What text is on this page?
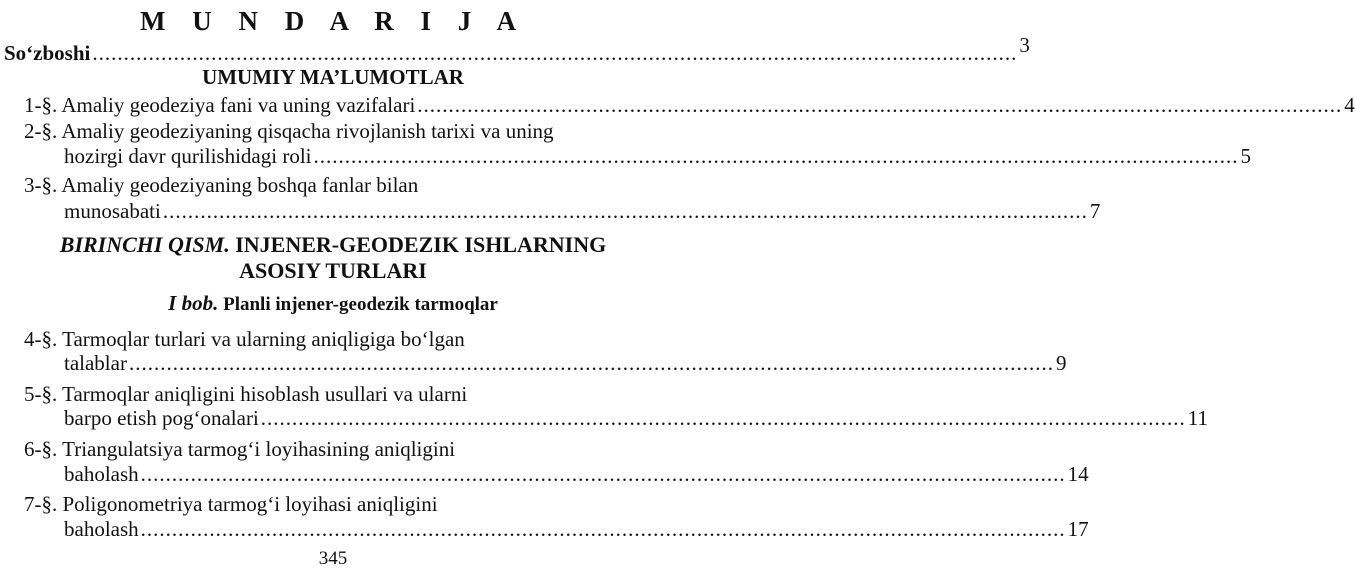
M U N D A R I J A
So‘zboshi .................................................................................................................................................... 3
UMUMIY MA’LUMOTLAR
1-§. Amaliy geodeziya fani va uning vazifalari .................................................................................................................................................... 4
2-§. Amaliy geodeziyaning qisqacha rivojlanish tarixi va uning
hozirgi davr qurilishidagi roli .................................................................................................................................................... 5
3-§. Amaliy geodeziyaning boshqa fanlar bilan
munosabati .................................................................................................................................................... 7
BIRINCHI QISM. INJENER-GEODEZIK ISHLARNING
ASOSIY TURLARI
I bob. Planli injener-geodezik tarmoqlar
4-§. Tarmoqlar turlari va ularning aniqligiga bo‘lgan
talablar .................................................................................................................................................... 9
5-§. Tarmoqlar aniqligini hisoblash usullari va ularni
barpo etish pog‘onalari .................................................................................................................................................... 11
6-§. Triangulatsiya tarmog‘i loyihasining aniqligini
baholash .................................................................................................................................................... 14
7-§. Poligonometriya tarmog‘i loyihasi aniqligini
baholash .................................................................................................................................................... 17
345
